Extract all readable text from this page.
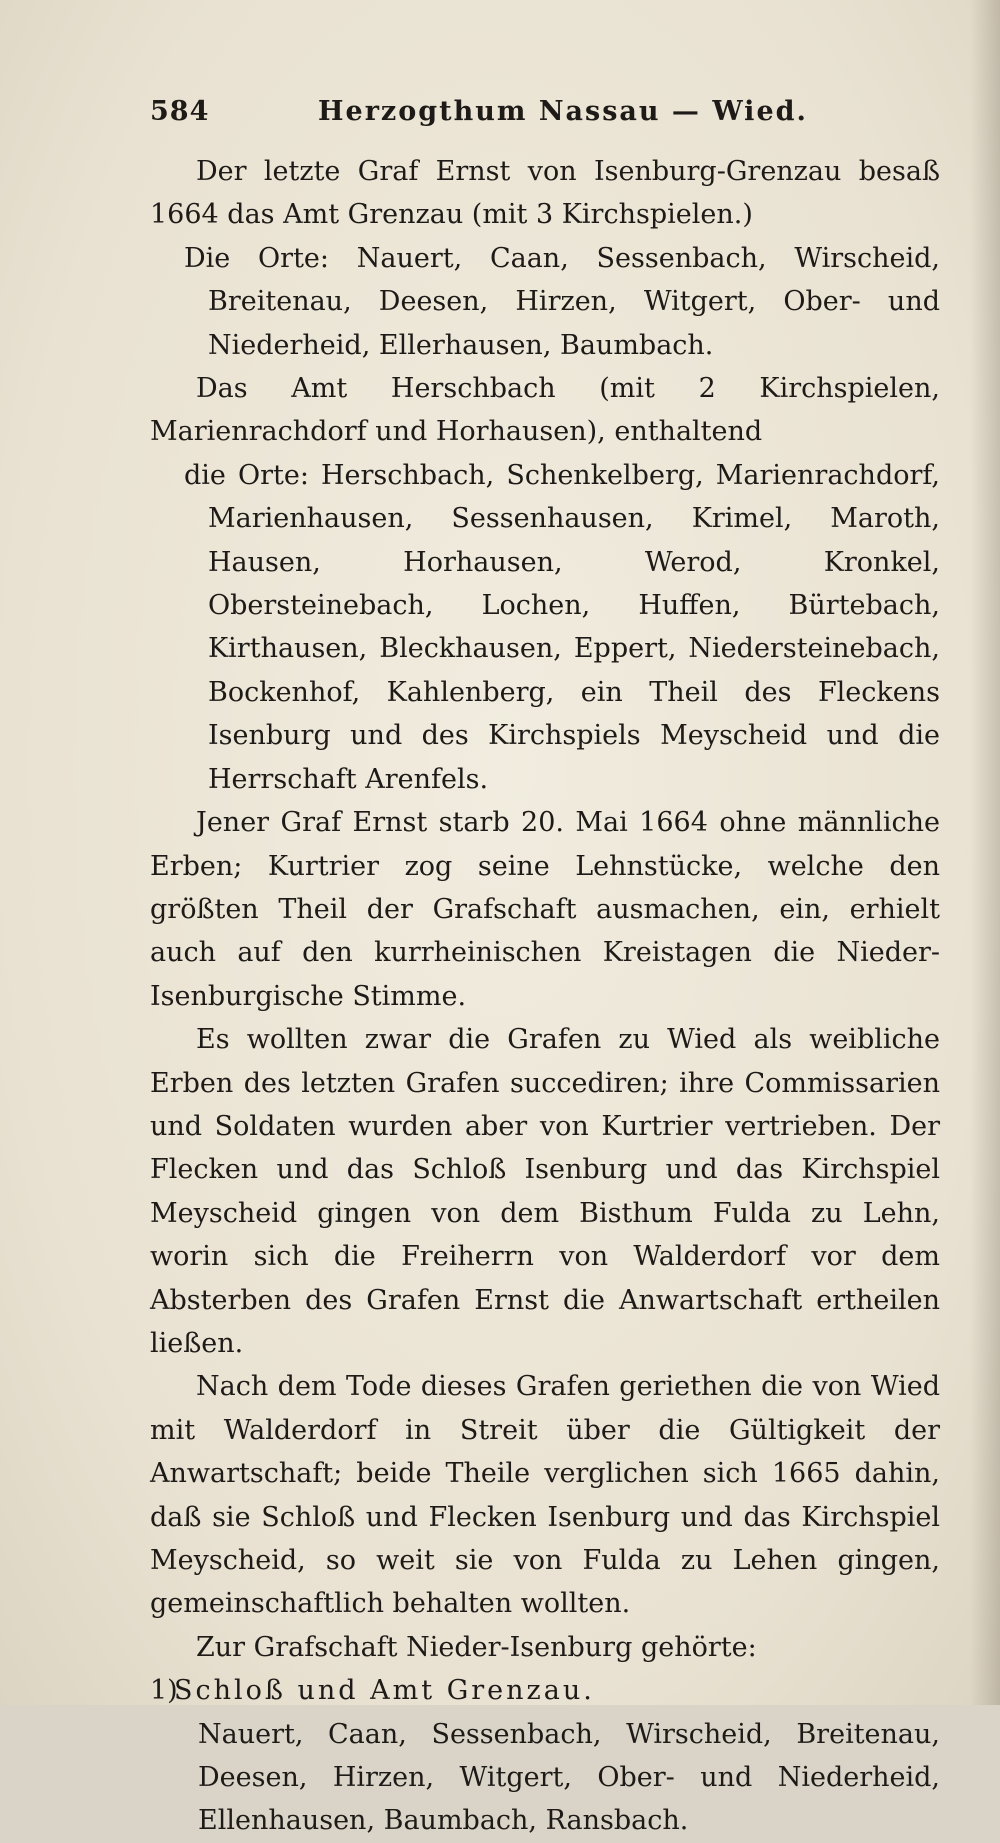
584	Herzogthum Nassau — Wied.

Der letzte Graf Ernst von Isenburg-Grenzau besaß 1664 das Amt Grenzau (mit 3 Kirchspielen.)

Die Orte: Nauert, Caan, Sessenbach, Wirscheid, Breitenau, Deesen, Hirzen, Witgert, Ober- und Niederheid, Ellerhausen, Baumbach.

Das Amt Herschbach (mit 2 Kirchspielen, Marienrachdorf und Horhausen), enthaltend

die Orte: Herschbach, Schenkelberg, Marienrachdorf, Marienhausen, Sessenhausen, Krimel, Maroth, Hausen, Horhausen, Werod, Kronkel, Obersteinebach, Lochen, Huffen, Bürtebach, Kirthausen, Bleckhausen, Eppert, Niedersteinebach, Bockenhof, Kahlenberg, ein Theil des Fleckens Isenburg und des Kirchspiels Meyscheid und die Herrschaft Arenfels.

Jener Graf Ernst starb 20. Mai 1664 ohne männliche Erben; Kurtrier zog seine Lehnstücke, welche den größten Theil der Grafschaft ausmachen, ein, erhielt auch auf den kurrheinischen Kreistagen die Nieder-Isenburgische Stimme.

Es wollten zwar die Grafen zu Wied als weibliche Erben des letzten Grafen succediren; ihre Commissarien und Soldaten wurden aber von Kurtrier vertrieben. Der Flecken und das Schloß Isenburg und das Kirchspiel Meyscheid gingen von dem Bisthum Fulda zu Lehn, worin sich die Freiherrn von Walderdorf vor dem Absterben des Grafen Ernst die Anwartschaft ertheilen ließen.

Nach dem Tode dieses Grafen geriethen die von Wied mit Walderdorf in Streit über die Gültigkeit der Anwartschaft; beide Theile verglichen sich 1665 dahin, daß sie Schloß und Flecken Isenburg und das Kirchspiel Meyscheid, so weit sie von Fulda zu Lehen gingen, gemeinschaftlich behalten wollten.

Zur Grafschaft Nieder-Isenburg gehörte:

1)Schloß und Amt Grenzau.

Nauert, Caan, Sessenbach, Wirscheid, Breitenau, Deesen, Hirzen, Witgert, Ober- und Niederheid, Ellenhausen, Baumbach, Ransbach.
